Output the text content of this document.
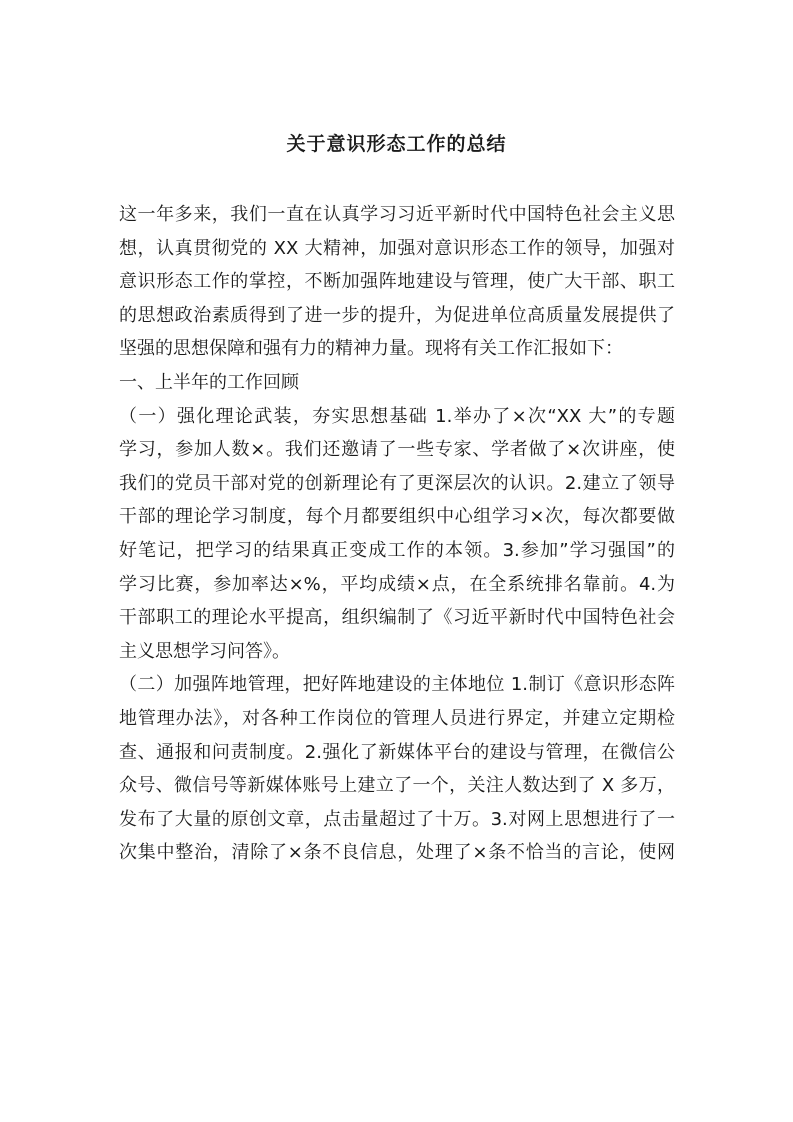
关于意识形态工作的总结
这一年多来，我们一直在认真学习习近平新时代中国特色社会主义思
想，认真贯彻党的 XX 大精神，加强对意识形态工作的领导，加强对
意识形态工作的掌控，不断加强阵地建设与管理，使广大干部、职工
的思想政治素质得到了进一步的提升，为促进单位高质量发展提供了
坚强的思想保障和强有力的精神力量。现将有关工作汇报如下：
一、上半年的工作回顾
（一）强化理论武装，夯实思想基础 1.举办了×次“XX 大”的专题
学习，参加人数×。我们还邀请了一些专家、学者做了×次讲座，使
我们的党员干部对党的创新理论有了更深层次的认识。2.建立了领导
干部的理论学习制度，每个月都要组织中心组学习×次，每次都要做
好笔记，把学习的结果真正变成工作的本领。3.参加”学习强国”的
学习比赛，参加率达×%，平均成绩×点，在全系统排名靠前。4.为
干部职工的理论水平提高，组织编制了《习近平新时代中国特色社会
主义思想学习问答》。
（二）加强阵地管理，把好阵地建设的主体地位 1.制订《意识形态阵
地管理办法》，对各种工作岗位的管理人员进行界定，并建立定期检
查、通报和问责制度。2.强化了新媒体平台的建设与管理，在微信公
众号、微信号等新媒体账号上建立了一个，关注人数达到了 X 多万，
发布了大量的原创文章，点击量超过了十万。3.对网上思想进行了一
次集中整治，清除了×条不良信息，处理了×条不恰当的言论，使网
